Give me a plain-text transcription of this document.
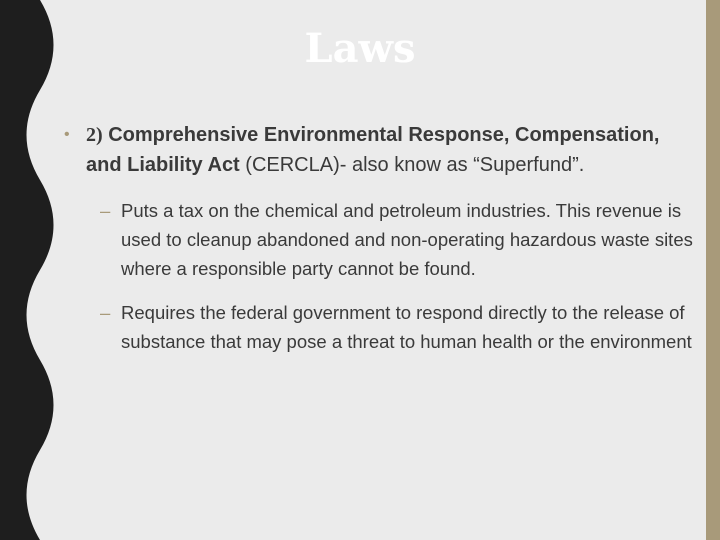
Laws
• 2) Comprehensive Environmental Response, Compensation, and Liability Act (CERCLA)- also know as “Superfund”.
– Puts a tax on the chemical and petroleum industries. This revenue is used to cleanup abandoned and non-operating hazardous waste sites where a responsible party cannot be found.
– Requires the federal government to respond directly to the release of substance that may pose a threat to human health or the environment
